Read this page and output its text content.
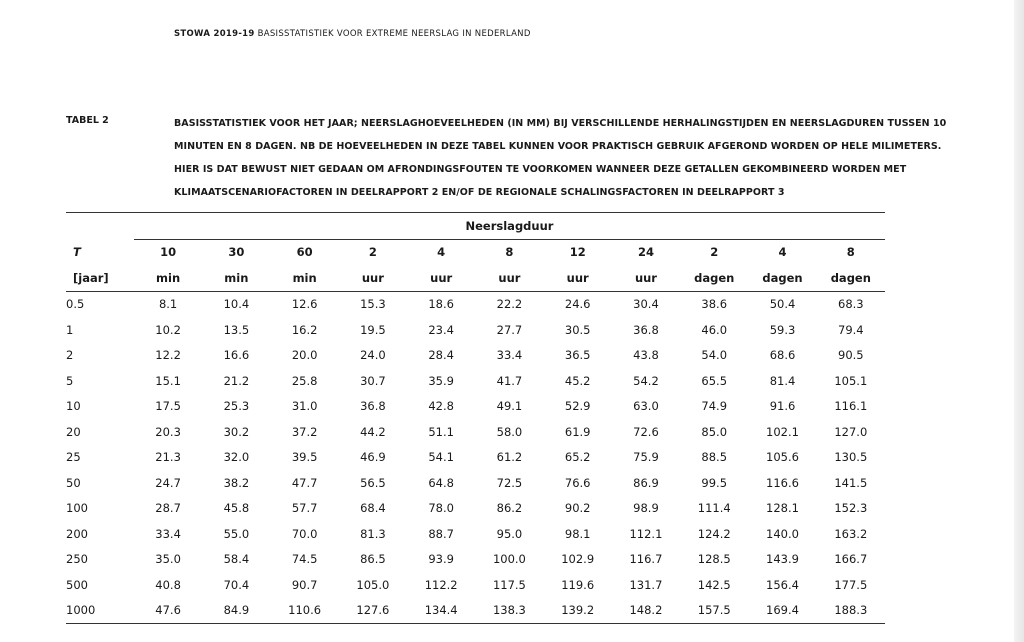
STOWA 2019-19 BASISSTATISTIEK VOOR EXTREME NEERSLAG IN NEDERLAND
TABEL 2	BASISSTATISTIEK VOOR HET JAAR; NEERSLAGHOEVEELHEDEN (IN MM) BIJ VERSCHILLENDE HERHALINGSTIJDEN EN NEERSLAGDUREN TUSSEN 10
MINUTEN EN 8 DAGEN. NB DE HOEVEELHEDEN IN DEZE TABEL KUNNEN VOOR PRAKTISCH GEBRUIK AFGEROND WORDEN OP HELE MILIMETERS.
HIER IS DAT BEWUST NIET GEDAAN OM AFRONDINGSFOUTEN TE VOORKOMEN WANNEER DEZE GETALLEN GEKOMBINEERD WORDEN MET
KLIMAATSCENARIOFACTOREN IN DEELRAPPORT 2 EN/OF DE REGIONALE SCHALINGSFACTOREN IN DEELRAPPORT 3
	Neerslagduur										
T	10	30	60	2	4	8	12	24	2	4	8
[jaar]	min	min	min	uur	uur	uur	uur	uur	dagen	dagen	dagen
0.5	8.1	10.4	12.6	15.3	18.6	22.2	24.6	30.4	38.6	50.4	68.3
1	10.2	13.5	16.2	19.5	23.4	27.7	30.5	36.8	46.0	59.3	79.4
2	12.2	16.6	20.0	24.0	28.4	33.4	36.5	43.8	54.0	68.6	90.5
5	15.1	21.2	25.8	30.7	35.9	41.7	45.2	54.2	65.5	81.4	105.1
10	17.5	25.3	31.0	36.8	42.8	49.1	52.9	63.0	74.9	91.6	116.1
20	20.3	30.2	37.2	44.2	51.1	58.0	61.9	72.6	85.0	102.1	127.0
25	21.3	32.0	39.5	46.9	54.1	61.2	65.2	75.9	88.5	105.6	130.5
50	24.7	38.2	47.7	56.5	64.8	72.5	76.6	86.9	99.5	116.6	141.5
100	28.7	45.8	57.7	68.4	78.0	86.2	90.2	98.9	111.4	128.1	152.3
200	33.4	55.0	70.0	81.3	88.7	95.0	98.1	112.1	124.2	140.0	163.2
250	35.0	58.4	74.5	86.5	93.9	100.0	102.9	116.7	128.5	143.9	166.7
500	40.8	70.4	90.7	105.0	112.2	117.5	119.6	131.7	142.5	156.4	177.5
1000	47.6	84.9	110.6	127.6	134.4	138.3	139.2	148.2	157.5	169.4	188.3
